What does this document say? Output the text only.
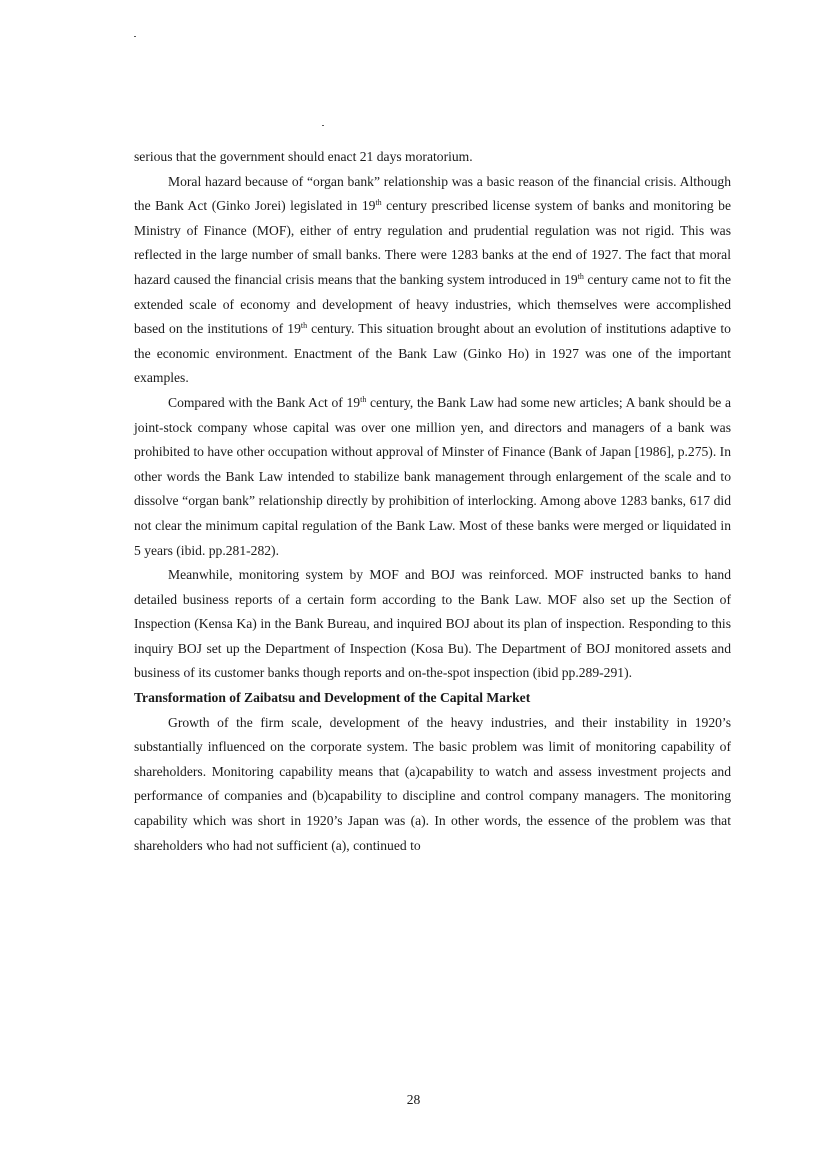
serious that the government should enact 21 days moratorium.

Moral hazard because of “organ bank” relationship was a basic reason of the financial crisis. Although the Bank Act (Ginko Jorei) legislated in 19th century prescribed license system of banks and monitoring be Ministry of Finance (MOF), either of entry regulation and prudential regulation was not rigid. This was reflected in the large number of small banks. There were 1283 banks at the end of 1927. The fact that moral hazard caused the financial crisis means that the banking system introduced in 19th century came not to fit the extended scale of economy and development of heavy industries, which themselves were accomplished based on the institutions of 19th century. This situation brought about an evolution of institutions adaptive to the economic environment. Enactment of the Bank Law (Ginko Ho) in 1927 was one of the important examples.

Compared with the Bank Act of 19th century, the Bank Law had some new articles; A bank should be a joint-stock company whose capital was over one million yen, and directors and managers of a bank was prohibited to have other occupation without approval of Minster of Finance (Bank of Japan [1986], p.275). In other words the Bank Law intended to stabilize bank management through enlargement of the scale and to dissolve “organ bank” relationship directly by prohibition of interlocking. Among above 1283 banks, 617 did not clear the minimum capital regulation of the Bank Law. Most of these banks were merged or liquidated in 5 years (ibid. pp.281-282).

Meanwhile, monitoring system by MOF and BOJ was reinforced. MOF instructed banks to hand detailed business reports of a certain form according to the Bank Law. MOF also set up the Section of Inspection (Kensa Ka) in the Bank Bureau, and inquired BOJ about its plan of inspection. Responding to this inquiry BOJ set up the Department of Inspection (Kosa Bu). The Department of BOJ monitored assets and business of its customer banks though reports and on-the-spot inspection (ibid pp.289-291).

Transformation of Zaibatsu and Development of the Capital Market

Growth of the firm scale, development of the heavy industries, and their instability in 1920’s substantially influenced on the corporate system. The basic problem was limit of monitoring capability of shareholders. Monitoring capability means that (a)capability to watch and assess investment projects and performance of companies and (b)capability to discipline and control company managers. The monitoring capability which was short in 1920’s Japan was (a). In other words, the essence of the problem was that shareholders who had not sufficient (a), continued to

28
